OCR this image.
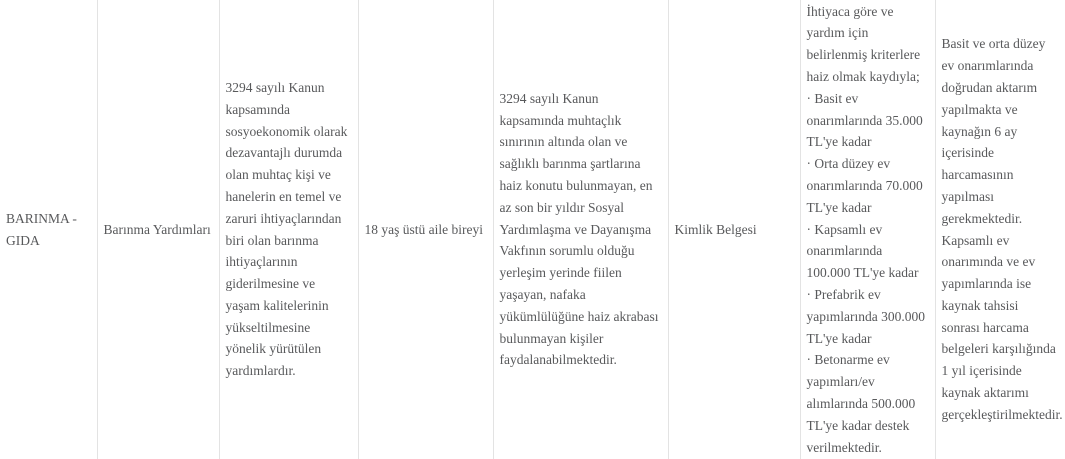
BARINMA - GIDA

Barınma Yardımları

3294 sayılı Kanun kapsamında sosyoekonomik olarak dezavantajlı durumda olan muhtaç kişi ve hanelerin en temel ve zaruri ihtiyaçlarından biri olan barınma ihtiyaçlarının giderilmesine ve yaşam kalitelerinin yükseltilmesine yönelik yürütülen yardımlardır.

18 yaş üstü aile bireyi

3294 sayılı Kanun kapsamında muhtaçlık sınırının altında olan ve sağlıklı barınma şartlarına haiz konutu bulunmayan, en az son bir yıldır Sosyal Yardımlaşma ve Dayanışma Vakfının sorumlu olduğu yerleşim yerinde fiilen yaşayan, nafaka yükümlülüğüne haiz akrabası bulunmayan kişiler faydalanabilmektedir.

Kimlik Belgesi

İhtiyaca göre ve yardım için belirlenmiş kriterlere haiz olmak kaydıyla;
· Basit ev onarımlarında 35.000 TL'ye kadar
· Orta düzey ev onarımlarında 70.000 TL'ye kadar
· Kapsamlı ev onarımlarında 100.000 TL'ye kadar
· Prefabrik ev yapımlarında 300.000 TL'ye kadar
· Betonarme ev yapımları/ev alımlarında 500.000 TL'ye kadar destek verilmektedir.

Basit ve orta düzey ev onarımlarında doğrudan aktarım yapılmakta ve kaynağın 6 ay içerisinde harcamasının yapılması gerekmektedir. Kapsamlı ev onarımında ve ev yapımlarında ise kaynak tahsisi sonrası harcama belgeleri karşılığında 1 yıl içerisinde kaynak aktarımı gerçekleştirilmektedir.
